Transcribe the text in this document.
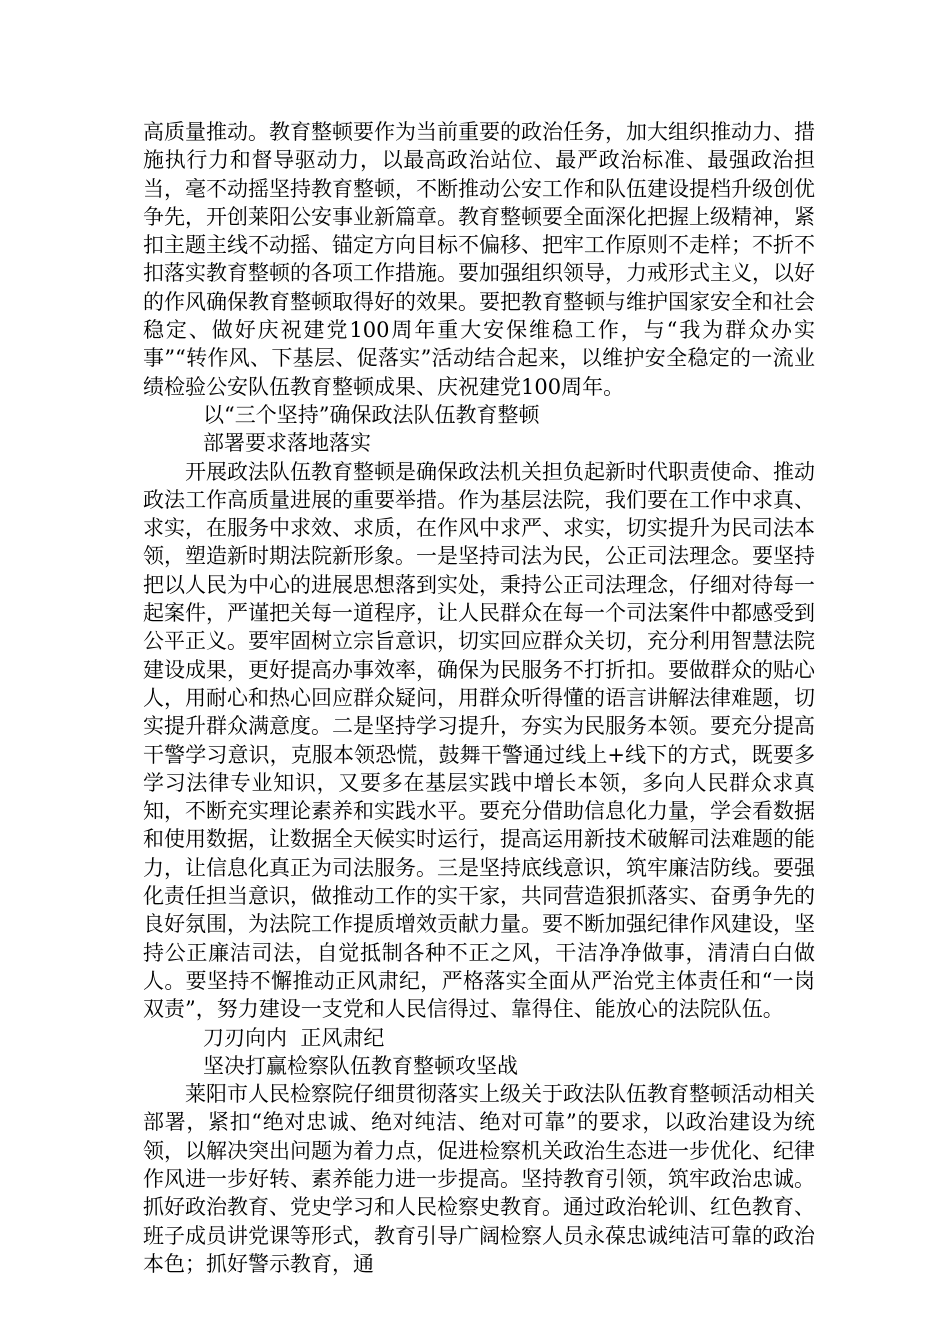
高质量推动。教育整顿要作为当前重要的政治任务，加大组织推动力、措施执行力和督导驱动力，以最高政治站位、最严政治标准、最强政治担当，毫不动摇坚持教育整顿，不断推动公安工作和队伍建设提档升级创优争先，开创莱阳公安事业新篇章。教育整顿要全面深化把握上级精神，紧扣主题主线不动摇、锚定方向目标不偏移、把牢工作原则不走样；不折不扣落实教育整顿的各项工作措施。要加强组织领导，力戒形式主义，以好的作风确保教育整顿取得好的效果。要把教育整顿与维护国家安全和社会稳定、做好庆祝建党100周年重大安保维稳工作，与“我为群众办实事”“转作风、下基层、促落实”活动结合起来，以维护安全稳定的一流业绩检验公安队伍教育整顿成果、庆祝建党100周年。

以“三个坚持”确保政法队伍教育整顿

部署要求落地落实

开展政法队伍教育整顿是确保政法机关担负起新时代职责使命、推动政法工作高质量进展的重要举措。作为基层法院，我们要在工作中求真、求实，在服务中求效、求质，在作风中求严、求实，切实提升为民司法本领，塑造新时期法院新形象。一是坚持司法为民，公正司法理念。要坚持把以人民为中心的进展思想落到实处，秉持公正司法理念，仔细对待每一起案件，严谨把关每一道程序，让人民群众在每一个司法案件中都感受到公平正义。要牢固树立宗旨意识，切实回应群众关切，充分利用智慧法院建设成果，更好提高办事效率，确保为民服务不打折扣。要做群众的贴心人，用耐心和热心回应群众疑问，用群众听得懂的语言讲解法律难题，切实提升群众满意度。二是坚持学习提升，夯实为民服务本领。要充分提高干警学习意识，克服本领恐慌，鼓舞干警通过线上+线下的方式，既要多学习法律专业知识，又要多在基层实践中增长本领，多向人民群众求真知，不断充实理论素养和实践水平。要充分借助信息化力量，学会看数据和使用数据，让数据全天候实时运行，提高运用新技术破解司法难题的能力，让信息化真正为司法服务。三是坚持底线意识，筑牢廉洁防线。要强化责任担当意识，做推动工作的实干家，共同营造狠抓落实、奋勇争先的良好氛围，为法院工作提质增效贡献力量。要不断加强纪律作风建设，坚持公正廉洁司法，自觉抵制各种不正之风，干洁净净做事，清清白白做人。要坚持不懈推动正风肃纪，严格落实全面从严治党主体责任和“一岗双责”，努力建设一支党和人民信得过、靠得住、能放心的法院队伍。

刀刃向内  正风肃纪

坚决打赢检察队伍教育整顿攻坚战

莱阳市人民检察院仔细贯彻落实上级关于政法队伍教育整顿活动相关部署，紧扣“绝对忠诚、绝对纯洁、绝对可靠”的要求，以政治建设为统领，以解决突出问题为着力点，促进检察机关政治生态进一步优化、纪律作风进一步好转、素养能力进一步提高。坚持教育引领，筑牢政治忠诚。抓好政治教育、党史学习和人民检察史教育。通过政治轮训、红色教育、班子成员讲党课等形式，教育引导广阔检察人员永葆忠诚纯洁可靠的政治本色；抓好警示教育，通
